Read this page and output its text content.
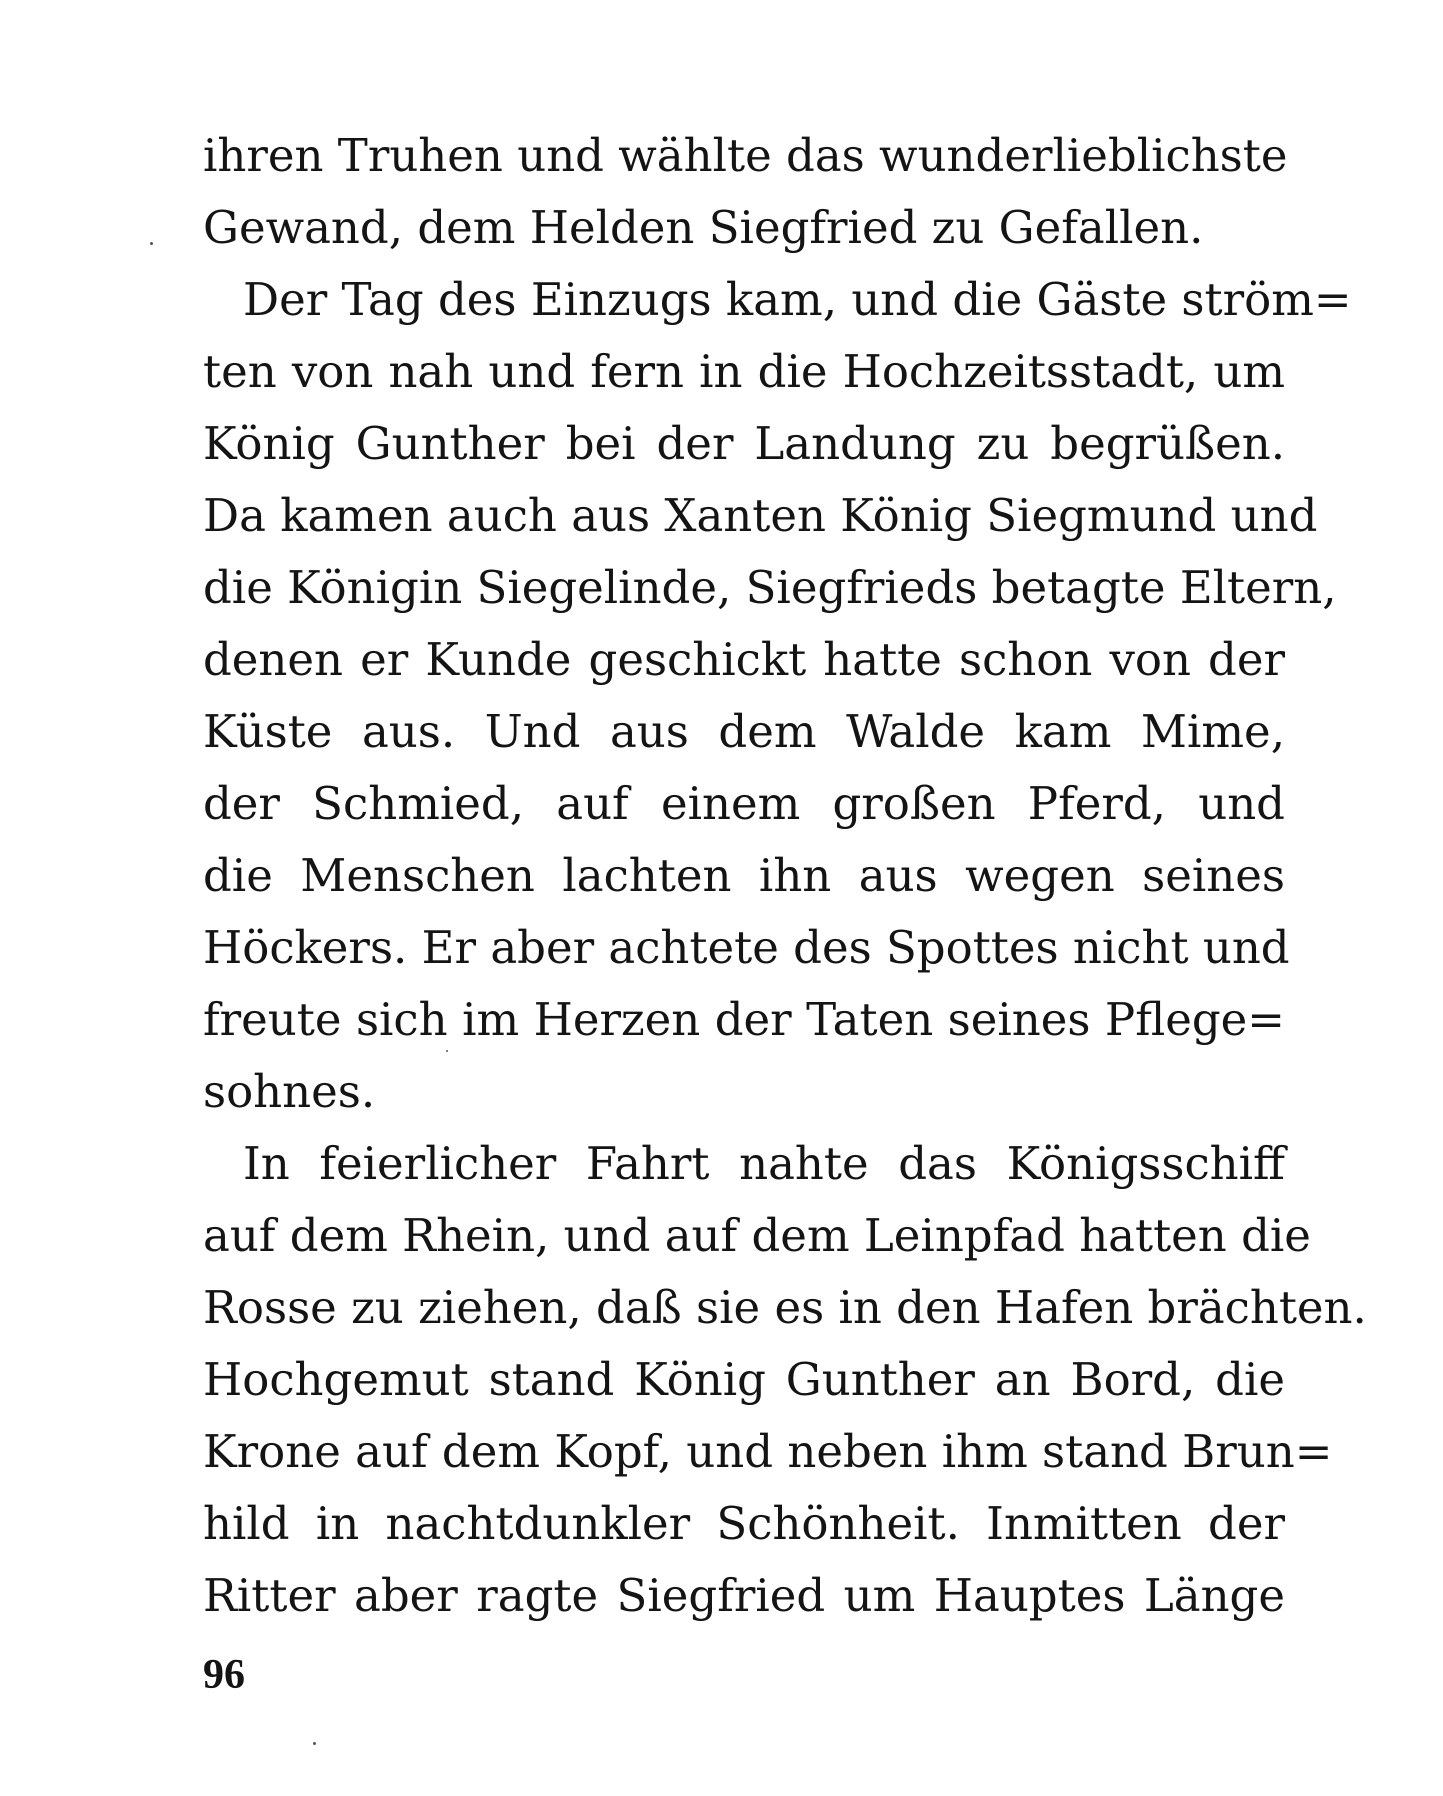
ihren Truhen und wählte das wunderlieblichste
Gewand, dem Helden Siegfried zu Gefallen.
Der Tag des Einzugs kam, und die Gäste ström=
ten von nah und fern in die Hochzeitsstadt, um
König Gunther bei der Landung zu begrüßen.
Da kamen auch aus Xanten König Siegmund und
die Königin Siegelinde, Siegfrieds betagte Eltern,
denen er Kunde geschickt hatte schon von der
Küste aus. Und aus dem Walde kam Mime,
der Schmied, auf einem großen Pferd, und
die Menschen lachten ihn aus wegen seines
Höckers. Er aber achtete des Spottes nicht und
freute sich im Herzen der Taten seines Pflege=
sohnes.
In feierlicher Fahrt nahte das Königsschiff
auf dem Rhein, und auf dem Leinpfad hatten die
Rosse zu ziehen, daß sie es in den Hafen brächten.
Hochgemut stand König Gunther an Bord, die
Krone auf dem Kopf, und neben ihm stand Brun=
hild in nachtdunkler Schönheit. Inmitten der
Ritter aber ragte Siegfried um Hauptes Länge
96
